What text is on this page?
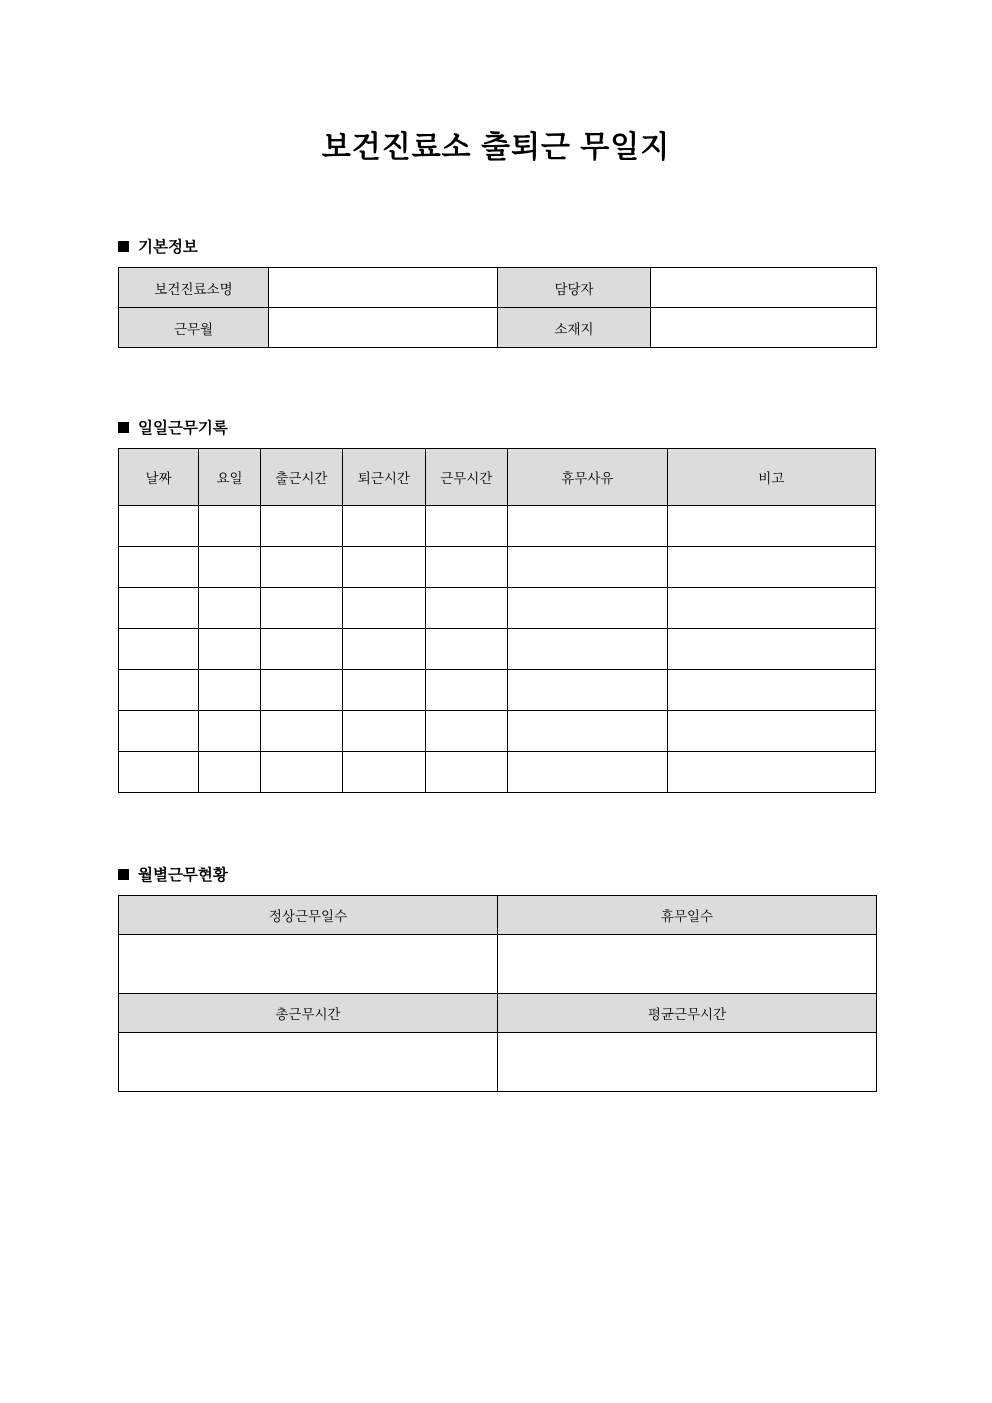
보건진료소 출퇴근 무일지
기본정보
보건진료소명		담당자	
근무월		소재지	
일일근무기록
날짜	요일	출근시간	퇴근시간	근무시간	휴무사유	비고

월별근무현황
정상근무일수	휴무일수

총근무시간	평균근무시간
